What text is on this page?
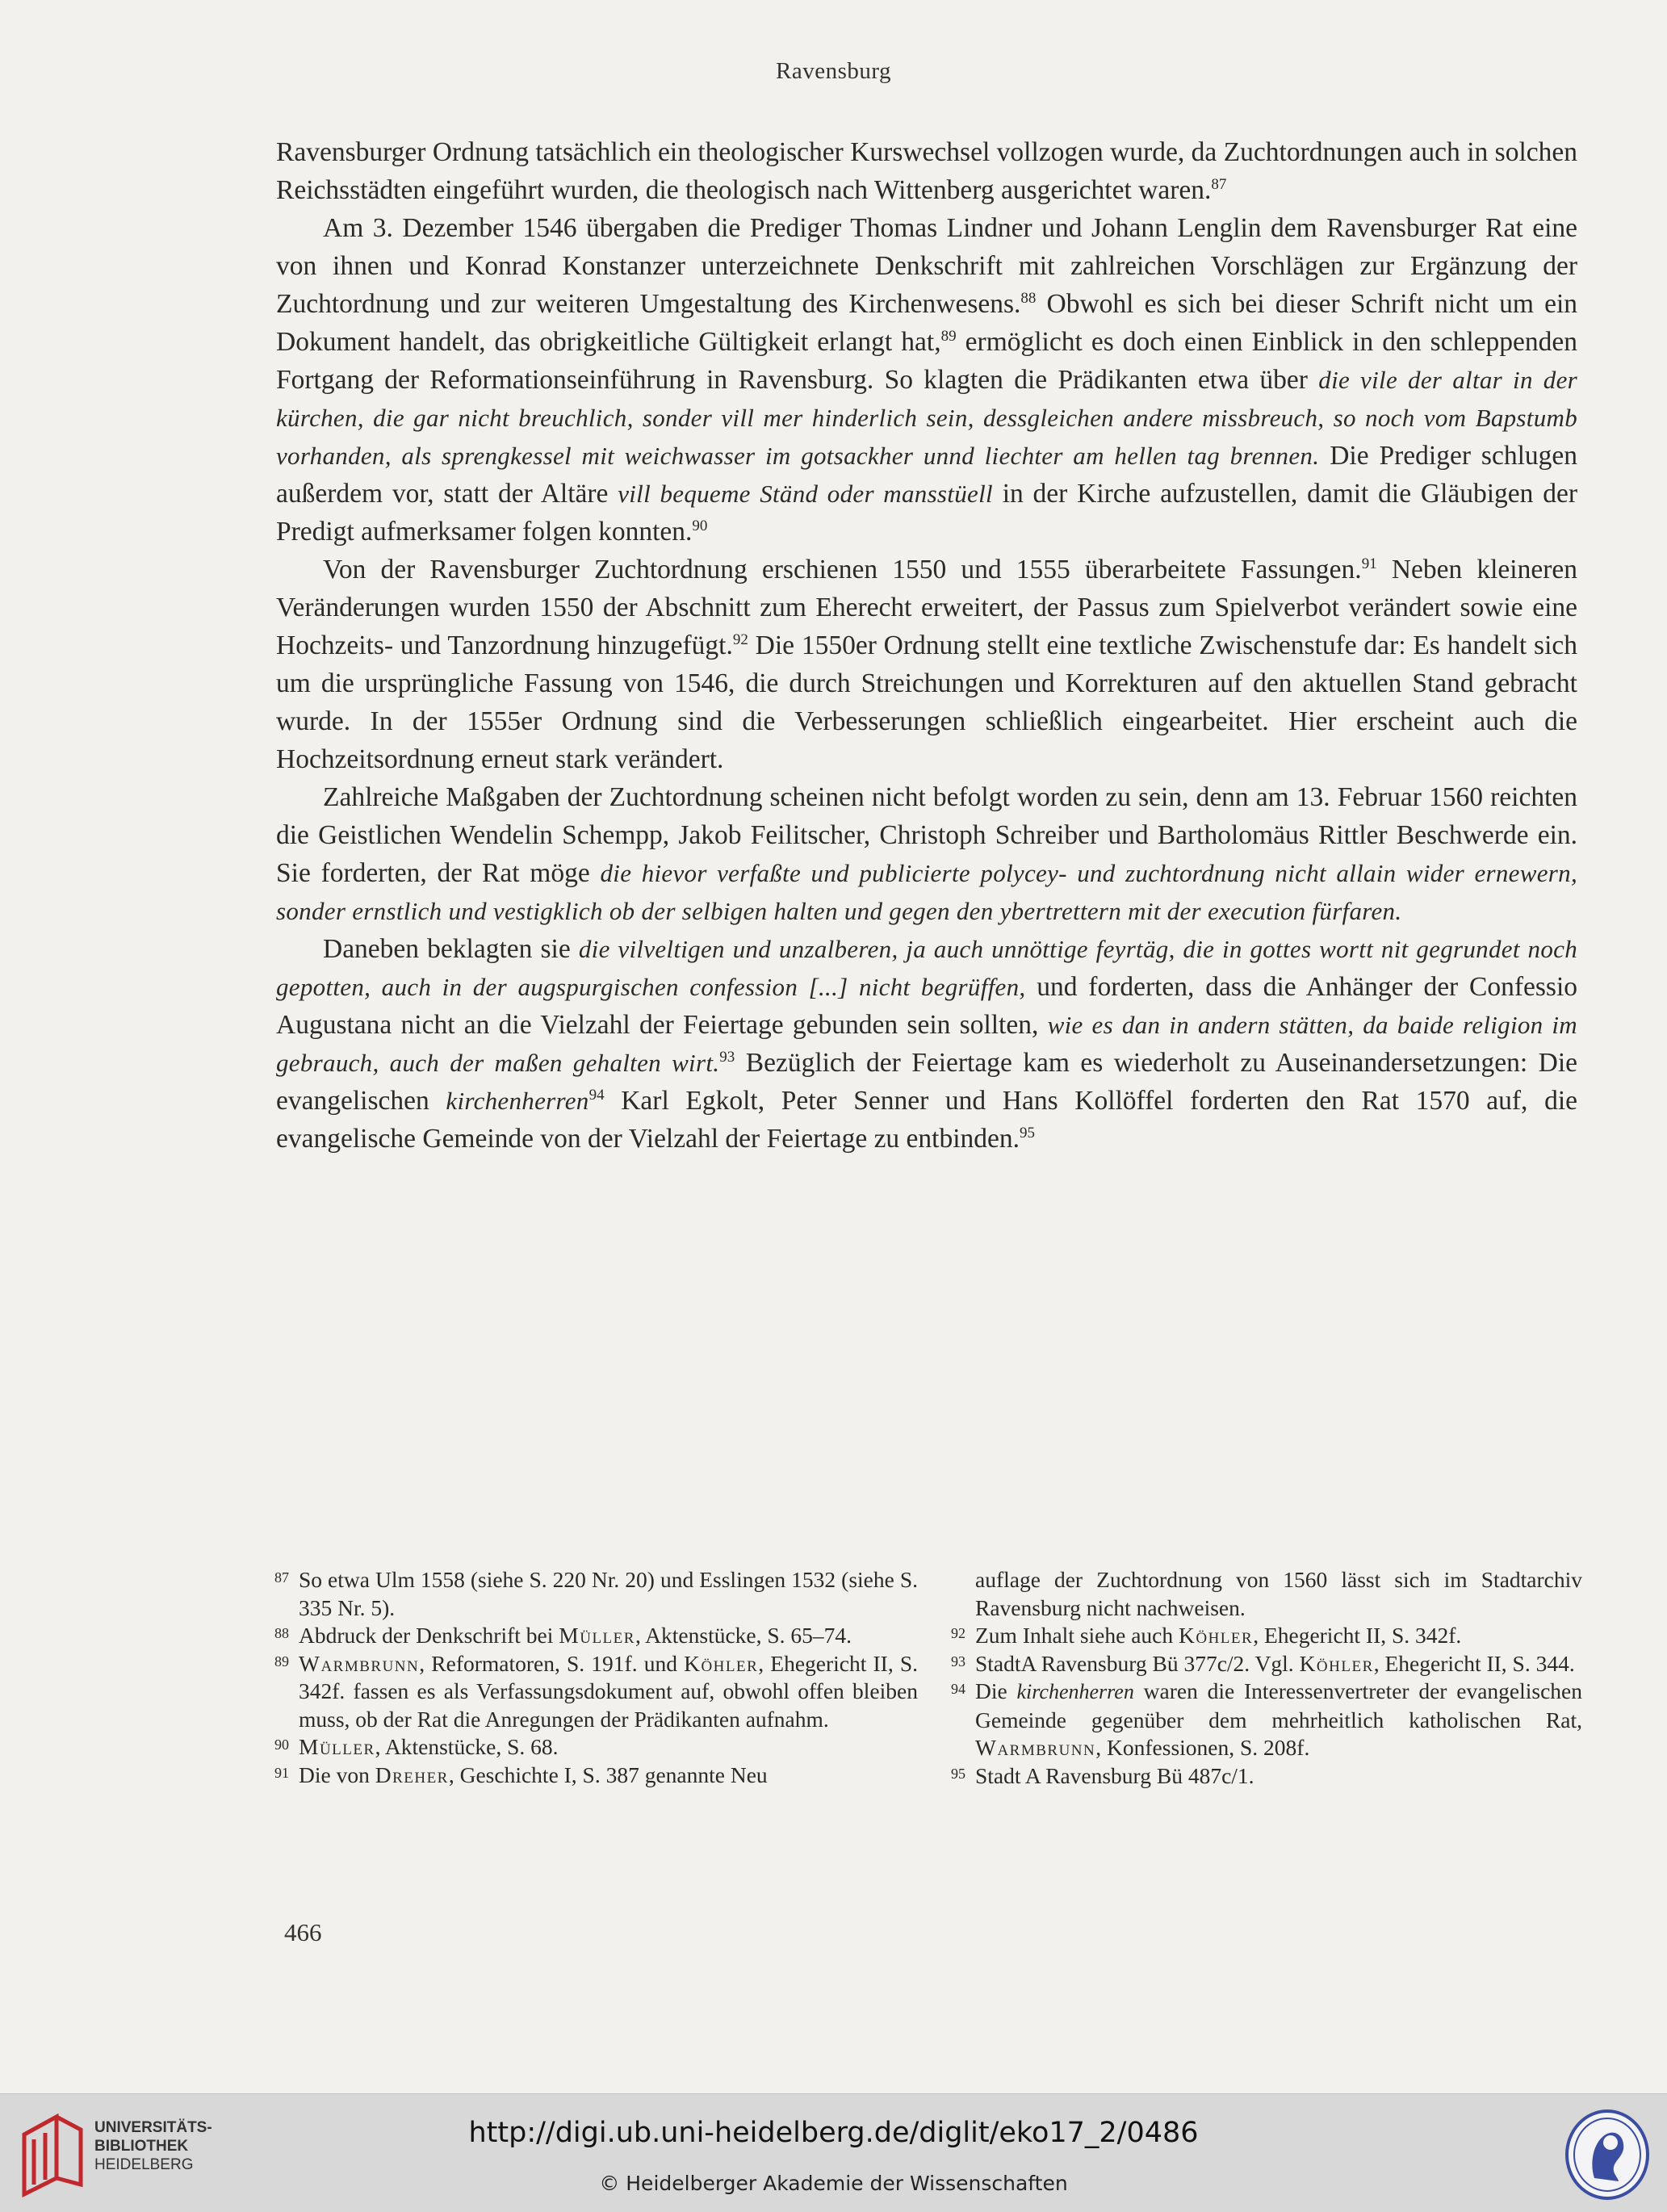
Ravensburg

Ravensburger Ordnung tatsächlich ein theologischer Kurswechsel vollzogen wurde, da Zuchtordnungen auch in solchen Reichsstädten eingeführt wurden, die theologisch nach Wittenberg ausgerichtet waren.$^{87}$

Am 3. Dezember 1546 übergaben die Prediger Thomas Lindner und Johann Lenglin dem Ravensburger Rat eine von ihnen und Konrad Konstanzer unterzeichnete Denkschrift mit zahlreichen Vorschlägen zur Ergänzung der Zuchtordnung und zur weiteren Umgestaltung des Kirchenwesens.$^{88}$ Obwohl es sich bei dieser Schrift nicht um ein Dokument handelt, das obrigkeitliche Gültigkeit erlangt hat,$^{89}$ ermöglicht es doch einen Einblick in den schleppenden Fortgang der Reformationseinführung in Ravensburg. So klagten die Prädikanten etwa über die vile der altar in der kürchen, die gar nicht breuchlich, sonder vill mer hinderlich sein, dessgleichen andere missbreuch, so noch vom Bapstumb vorhanden, als sprengkessel mit weichwasser im gotsackher unnd liechter am hellen tag brennen. Die Prediger schlugen außerdem vor, statt der Altäre vill bequeme Ständ oder mansstüell in der Kirche aufzustellen, damit die Gläubigen der Predigt aufmerksamer folgen konnten.$^{90}$

Von der Ravensburger Zuchtordnung erschienen 1550 und 1555 überarbeitete Fassungen.$^{91}$ Neben kleineren Veränderungen wurden 1550 der Abschnitt zum Eherecht erweitert, der Passus zum Spielverbot verändert sowie eine Hochzeits- und Tanzordnung hinzugefügt.$^{92}$ Die 1550er Ordnung stellt eine textliche Zwischenstufe dar: Es handelt sich um die ursprüngliche Fassung von 1546, die durch Streichungen und Korrekturen auf den aktuellen Stand gebracht wurde. In der 1555er Ordnung sind die Verbesserungen schließlich eingearbeitet. Hier erscheint auch die Hochzeitsordnung erneut stark verändert.

Zahlreiche Maßgaben der Zuchtordnung scheinen nicht befolgt worden zu sein, denn am 13. Februar 1560 reichten die Geistlichen Wendelin Schempp, Jakob Feilitscher, Christoph Schreiber und Bartholomäus Rittler Beschwerde ein. Sie forderten, der Rat möge die hievor verfaßte und publicierte polycey- und zuchtordnung nicht allain wider ernewern, sonder ernstlich und vestigklich ob der selbigen halten und gegen den ybertrettern mit der execution fürfaren.

Daneben beklagten sie die vilveltigen und unzalberen, ja auch unnöttige feyrtäg, die in gottes wortt nit gegrundet noch gepotten, auch in der augspurgischen confession [...] nicht begrüffen, und forderten, dass die Anhänger der Confessio Augustana nicht an die Vielzahl der Feiertage gebunden sein sollten, wie es dan in andern stätten, da baide religion im gebrauch, auch der maßen gehalten wirt.$^{93}$ Bezüglich der Feiertage kam es wiederholt zu Auseinandersetzungen: Die evangelischen kirchenherren$^{94}$ Karl Egkolt, Peter Senner und Hans Kollöffel forderten den Rat 1570 auf, die evangelische Gemeinde von der Vielzahl der Feiertage zu entbinden.$^{95}$

87 So etwa Ulm 1558 (siehe S. 220 Nr. 20) und Esslingen 1532 (siehe S. 335 Nr. 5).

88 Abdruck der Denkschrift bei Müller, Aktenstücke, S. 65–74.

89 Warmbrunn, Reformatoren, S. 191f. und Köhler, Ehegericht II, S. 342f. fassen es als Verfassungsdokument auf, obwohl offen bleiben muss, ob der Rat die Anregungen der Prädikanten aufnahm.

90 Müller, Aktenstücke, S. 68.

91 Die von Dreher, Geschichte I, S. 387 genannte Neu

auflage der Zuchtordnung von 1560 lässt sich im Stadtarchiv Ravensburg nicht nachweisen.

92 Zum Inhalt siehe auch Köhler, Ehegericht II, S. 342f.

93 StadtA Ravensburg Bü 377c/2. Vgl. Köhler, Ehegericht II, S. 344.

94 Die kirchenherren waren die Interessenvertreter der evangelischen Gemeinde gegenüber dem mehrheitlich katholischen Rat, Warmbrunn, Konfessionen, S. 208f.

95 Stadt A Ravensburg Bü 487c/1.

466
UNIVERSITÄTS-
BIBLIOTHEK
HEIDELBERG
http://digi.ub.uni-heidelberg.de/diglit/eko17_2/0486
© Heidelberger Akademie der Wissenschaften
